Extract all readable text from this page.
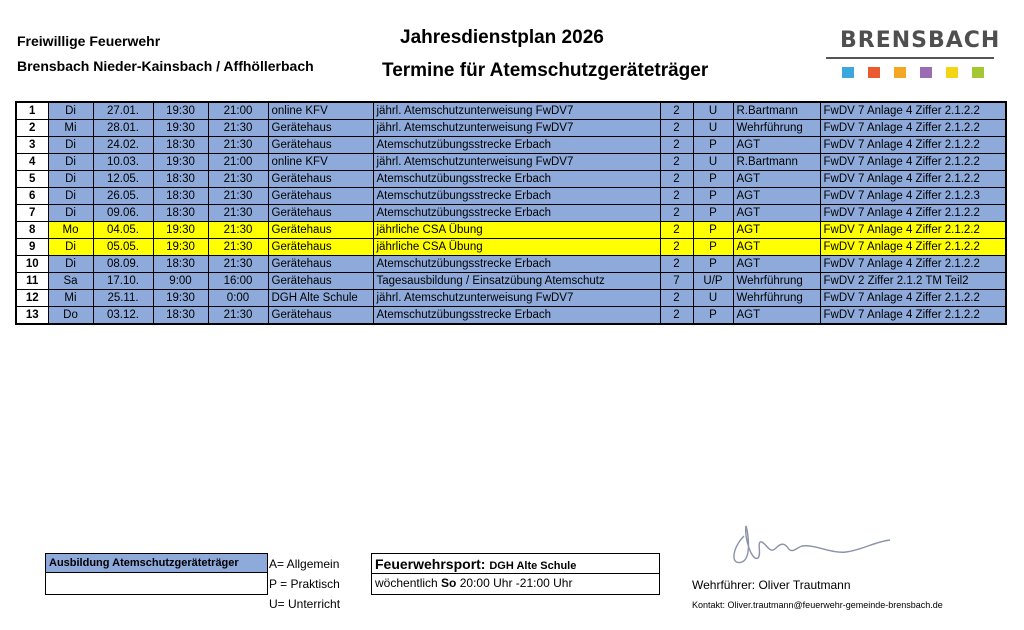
Freiwillige Feuerwehr
Brensbach Nieder-Kainsbach / Affhöllerbach
Jahresdienstplan 2026
Termine für Atemschutzgeräteträger
BRENSBACH
1	Di	27.01.	19:30	21:00	online KFV	jährl. Atemschutzunterweisung FwDV7	2	U	R.Bartmann	FwDV 7 Anlage 4 Ziffer 2.1.2.2
2	Mi	28.01.	19:30	21:30	Gerätehaus	jährl. Atemschutzunterweisung FwDV7	2	U	Wehrführung	FwDV 7 Anlage 4 Ziffer 2.1.2.2
3	Di	24.02.	18:30	21:30	Gerätehaus	Atemschutzübungsstrecke Erbach	2	P	AGT	FwDV 7 Anlage 4 Ziffer 2.1.2.2
4	Di	10.03.	19:30	21:00	online KFV	jährl. Atemschutzunterweisung FwDV7	2	U	R.Bartmann	FwDV 7 Anlage 4 Ziffer 2.1.2.2
5	Di	12.05.	18:30	21:30	Gerätehaus	Atemschutzübungsstrecke Erbach	2	P	AGT	FwDV 7 Anlage 4 Ziffer 2.1.2.2
6	Di	26.05.	18:30	21:30	Gerätehaus	Atemschutzübungsstrecke Erbach	2	P	AGT	FwDV 7 Anlage 4 Ziffer 2.1.2.3
7	Di	09.06.	18:30	21:30	Gerätehaus	Atemschutzübungsstrecke Erbach	2	P	AGT	FwDV 7 Anlage 4 Ziffer 2.1.2.2
8	Mo	04.05.	19:30	21:30	Gerätehaus	jährliche CSA Übung	2	P	AGT	FwDV 7 Anlage 4 Ziffer 2.1.2.2
9	Di	05.05.	19:30	21:30	Gerätehaus	jährliche CSA Übung	2	P	AGT	FwDV 7 Anlage 4 Ziffer 2.1.2.2
10	Di	08.09.	18:30	21:30	Gerätehaus	Atemschutzübungsstrecke Erbach	2	P	AGT	FwDV 7 Anlage 4 Ziffer 2.1.2.2
11	Sa	17.10.	9:00	16:00	Gerätehaus	Tagesausbildung / Einsatzübung Atemschutz	7	U/P	Wehrführung	FwDV 2 Ziffer 2.1.2 TM Teil2
12	Mi	25.11.	19:30	0:00	DGH Alte Schule	jährl. Atemschutzunterweisung FwDV7	2	U	Wehrführung	FwDV 7 Anlage 4 Ziffer 2.1.2.2
13	Do	03.12.	18:30	21:30	Gerätehaus	Atemschutzübungsstrecke Erbach	2	P	AGT	FwDV 7 Anlage 4 Ziffer 2.1.2.2
Ausbildung Atemschutzgeräteträger	A= Allgemein
P = Praktisch
U= Unterricht
Feuerwehrsport: DGH Alte Schule
wöchentlich So 20:00 Uhr -21:00 Uhr	Wehrführer: Oliver Trautmann
Kontakt: Oliver.trautmann@feuerwehr-gemeinde-brensbach.de
